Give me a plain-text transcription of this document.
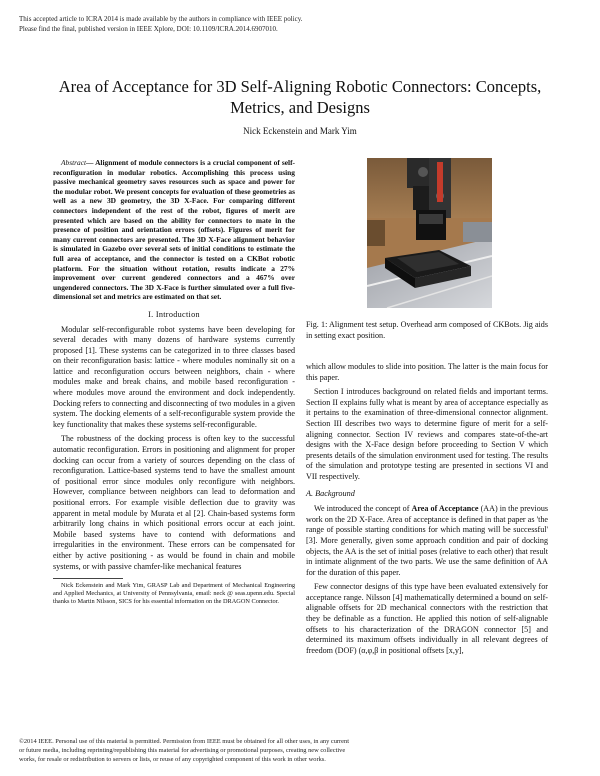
This accepted article to ICRA 2014 is made available by the authors in compliance with IEEE policy.
Please find the final, published version in IEEE Xplore, DOI: 10.1109/ICRA.2014.6907010.
Area of Acceptance for 3D Self-Aligning Robotic Connectors: Concepts,
Metrics, and Designs
Nick Eckenstein and Mark Yim

Abstract— Alignment of module connectors is a crucial component of self-reconfiguration in modular robotics. Accomplishing this process using passive mechanical geometry saves resources such as space and power for the modular robot. We present concepts for evaluation of these geometries as well as a new 3D geometry, the 3D X-Face. For comparing different connectors independent of the rest of the robot, figures of merit are presented which are based on the ability for connectors to mate in the presence of position and orientation errors (offsets). Figures of merit for many current connectors are presented. The 3D X-Face alignment behavior is simulated in Gazebo over several sets of initial conditions to estimate the full area of acceptance, and the connector is tested on a CKBot robotic platform. For the situation without rotation, results indicate a 27% improvement over current gendered connectors and a 467% over ungendered connectors. The 3D X-Face is further simulated over a full five-dimensional set and metrics are estimated on that set.

I. Introduction

Modular self-reconfigurable robot systems have been developing for several decades with many dozens of hardware systems currently proposed [1]. These systems can be categorized in to three classes based on their reconfiguration basis: lattice - where modules nominally sit on a lattice and reconfiguration occurs between neighbors, chain - where modules make and break chains, and mobile based reconfiguration - where modules move around the environment and dock independently. Docking refers to connecting and disconnecting of two modules in a given system. The docking elements of a self-reconfigurable system provide the key functionality that makes these systems self-reconfigurable.

The robustness of the docking process is often key to the successful automatic reconfiguration. Errors in positioning and alignment for proper docking can occur from a variety of sources depending on the class of reconfiguration. Lattice-based systems tend to have the smallest amount of positional error since modules only reconfigure with neighbors. However, compliance between neighbors can lead to deformation and positional errors. For example visible deflection due to gravity was apparent in metal module by Murata et al [2]. Chain-based systems form arbitrarily long chains in which positional errors occur at each joint. Mobile based systems have to contend with deformations and irregularities in the environment. These errors can be compensated for either by active positioning - as would be found in chain and mobile systems, or with passive chamfer-like mechanical features

Nick Eckenstein and Mark Yim, GRASP Lab and Department of Mechanical Engineering and Applied Mechanics, at University of Pennsylvania, email: neck @ seas.upenn.edu. Special thanks to Martin Nilsson, SICS for his essential information on the DRAGON Connector.

Fig. 1: Alignment test setup. Overhead arm composed of CKBots. Jig aids in setting exact position.

which allow modules to slide into position. The latter is the main focus for this paper.

Section I introduces background on related fields and important terms. Section II explains fully what is meant by area of acceptance especially as it pertains to the examination of three-dimensional connector alignment. Section III describes two ways to determine figure of merit for a self-aligning connector. Section IV reviews and compares state-of-the-art designs with the X-Face design before proceeding to Section V which presents details of the simulation environment used for testing. The results of the simulation and prototype testing are presented in sections VI and VII respectively.

A. Background

We introduced the concept of Area of Acceptance (AA) in the previous work on the 2D X-Face. Area of acceptance is defined in that paper as 'the range of possible starting conditions for which mating will be successful' [3]. More generally, given some approach condition and pair of docking objects, the AA is the set of initial poses (relative to each other) that result in intimate alignment of the two parts. We use the same definition of AA for the duration of this paper.

Few connector designs of this type have been evaluated extensively for acceptance range. Nilsson [4] mathematically determined a bound on self-alignable offsets for 2D mechanical connectors with the restriction that they be definable as a function. He applied this notion of self-alignable offsets to his characterization of the DRAGON connector [5] and determined its maximum offsets individually in all relevant degrees of freedom (DOF) (α,φ,β in positional offsets [x,y],

©2014 IEEE. Personal use of this material is permitted. Permission from IEEE must be obtained for all other uses, in any current
or future media, including reprinting/republishing this material for advertising or promotional purposes, creating new collective
works, for resale or redistribution to servers or lists, or reuse of any copyrighted component of this work in other works.
